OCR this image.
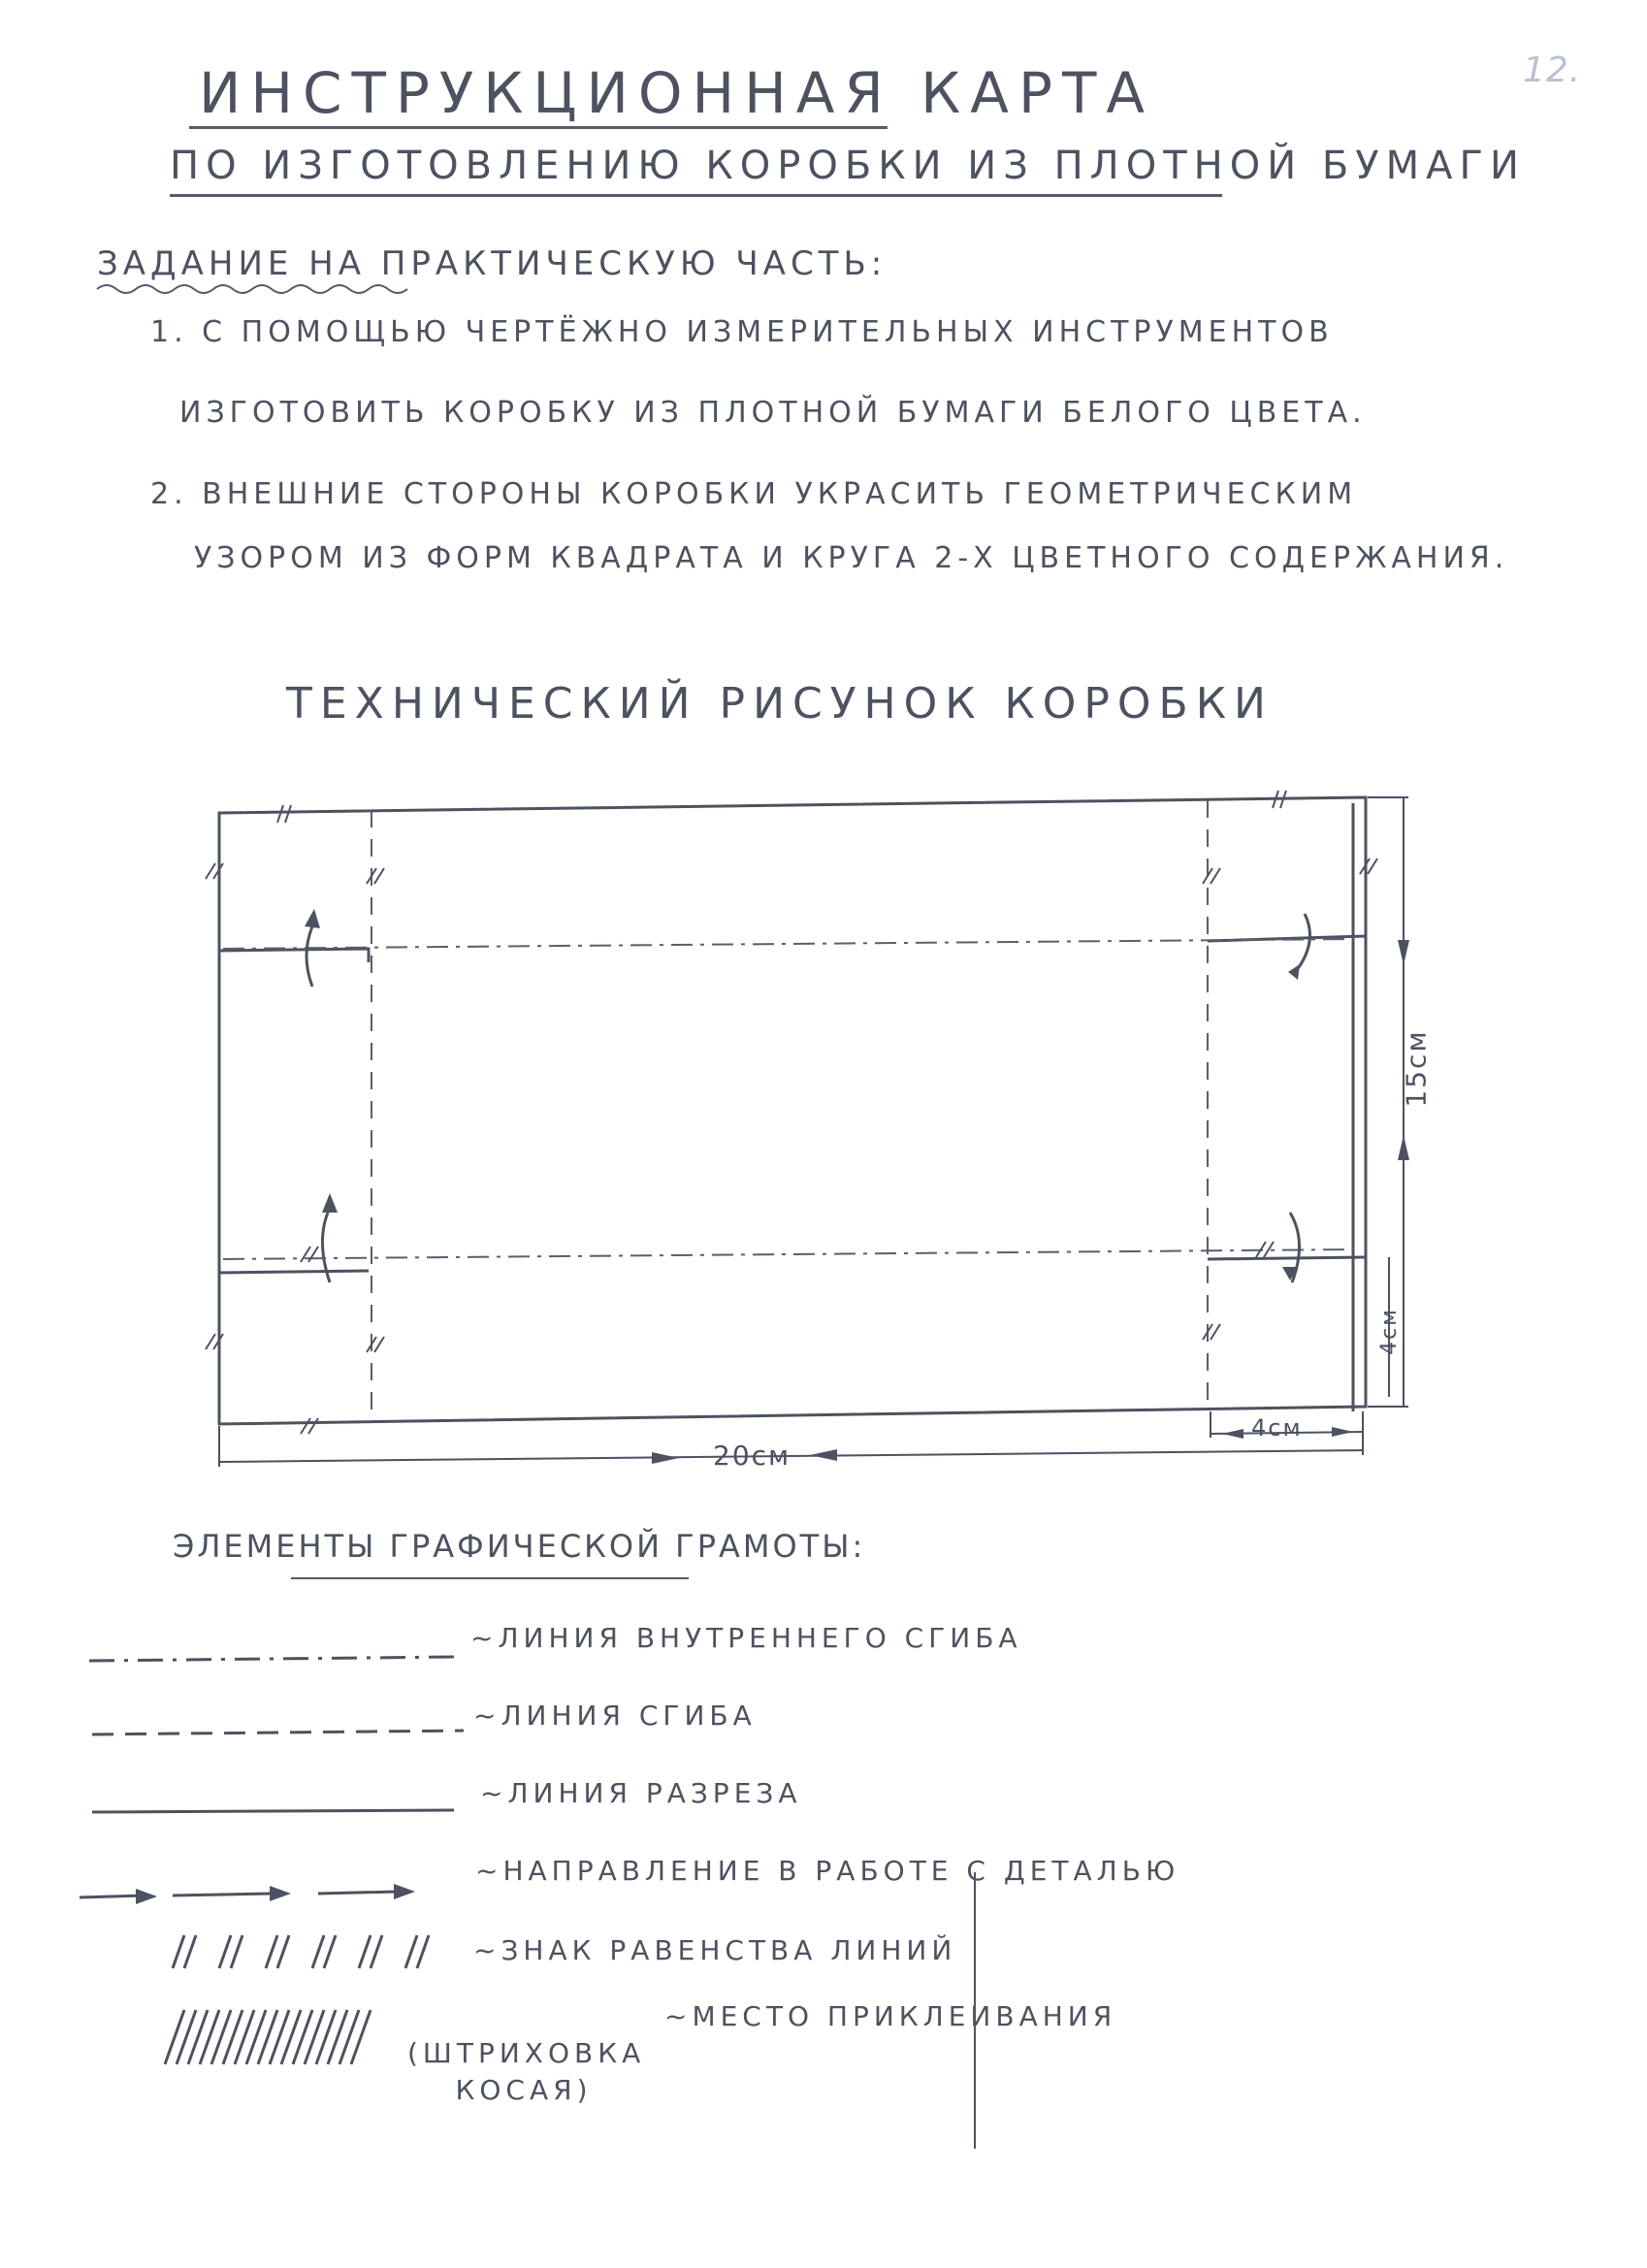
12.
ИНСТРУКЦИОННАЯ КАРТА
ПО ИЗГОТОВЛЕНИЮ КОРОБКИ ИЗ ПЛОТНОЙ БУМАГИ
ЗАДАНИЕ НА ПРАКТИЧЕСКУЮ ЧАСТЬ:
1. С ПОМОЩЬЮ ЧЕРТЁЖНО ИЗМЕРИТЕЛЬНЫХ ИНСТРУМЕНТОВ
ИЗГОТОВИТЬ КОРОБКУ ИЗ ПЛОТНОЙ БУМАГИ БЕЛОГО ЦВЕТА.
2. ВНЕШНИЕ СТОРОНЫ КОРОБКИ УКРАСИТЬ ГЕОМЕТРИЧЕСКИМ
УЗОРОМ ИЗ ФОРМ КВАДРАТА И КРУГА 2-Х ЦВЕТНОГО СОДЕРЖАНИЯ.
ТЕХНИЧЕСКИЙ РИСУНОК КОРОБКИ
20см
15см
4см
4см
ЭЛЕМЕНТЫ ГРАФИЧЕСКОЙ ГРАМОТЫ:
~ЛИНИЯ ВНУТРЕННЕГО СГИБА
~ЛИНИЯ СГИБА
~ЛИНИЯ РАЗРЕЗА
~НАПРАВЛЕНИЕ В РАБОТЕ С ДЕТАЛЬЮ
~ЗНАК РАВЕНСТВА ЛИНИЙ
~МЕСТО ПРИКЛЕИВАНИЯ
(ШТРИХОВКА КОСАЯ)
